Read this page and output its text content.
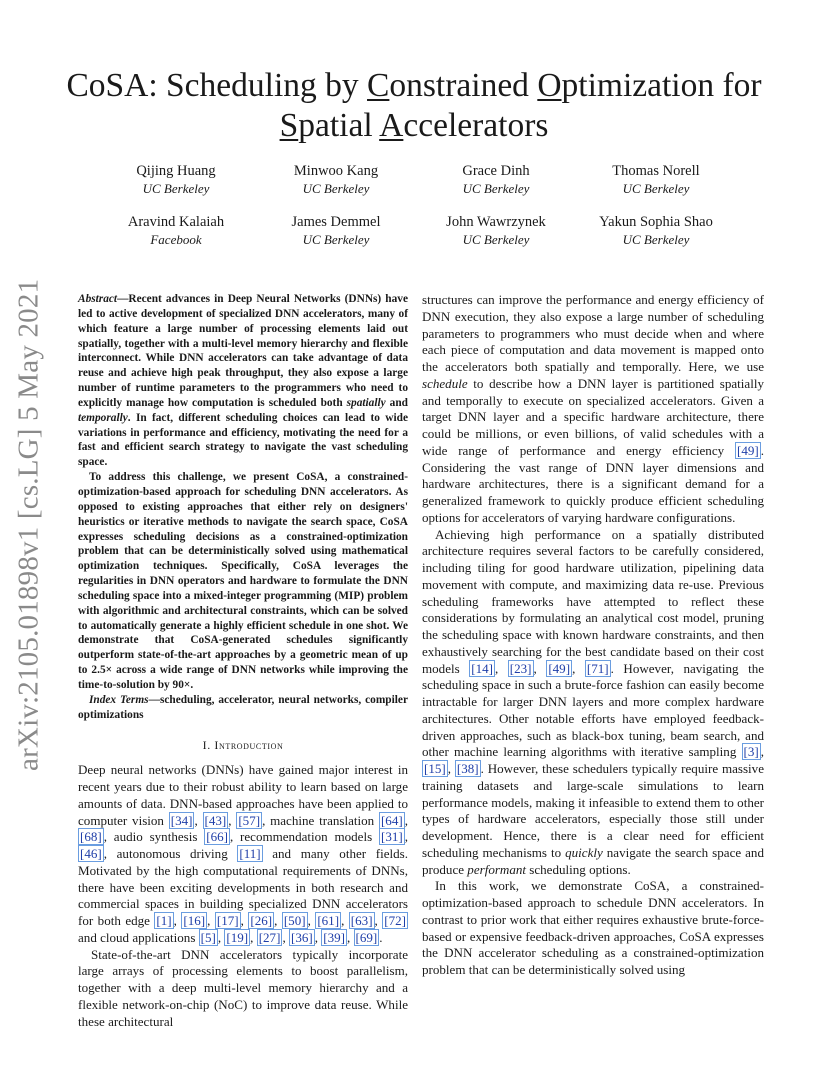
arXiv:2105.01898v1 [cs.LG] 5 May 2021
CoSA: Scheduling by Constrained Optimization for
Spatial Accelerators
Qijing Huang
UC Berkeley
Minwoo Kang
UC Berkeley
Grace Dinh
UC Berkeley
Thomas Norell
UC Berkeley
Aravind Kalaiah
Facebook
James Demmel
UC Berkeley
John Wawrzynek
UC Berkeley
Yakun Sophia Shao
UC Berkeley

Abstract—Recent advances in Deep Neural Networks (DNNs) have led to active development of specialized DNN accelerators, many of which feature a large number of processing elements laid out spatially, together with a multi-level memory hierarchy and flexible interconnect. While DNN accelerators can take advantage of data reuse and achieve high peak throughput, they also expose a large number of runtime parameters to the programmers who need to explicitly manage how computation is scheduled both spatially and temporally. In fact, different scheduling choices can lead to wide variations in performance and efficiency, motivating the need for a fast and efficient search strategy to navigate the vast scheduling space.

To address this challenge, we present CoSA, a constrained-optimization-based approach for scheduling DNN accelerators. As opposed to existing approaches that either rely on designers' heuristics or iterative methods to navigate the search space, CoSA expresses scheduling decisions as a constrained-optimization problem that can be deterministically solved using mathematical optimization techniques. Specifically, CoSA leverages the regularities in DNN operators and hardware to formulate the DNN scheduling space into a mixed-integer programming (MIP) problem with algorithmic and architectural constraints, which can be solved to automatically generate a highly efficient schedule in one shot. We demonstrate that CoSA-generated schedules significantly outperform state-of-the-art approaches by a geometric mean of up to 2.5× across a wide range of DNN networks while improving the time-to-solution by 90×.

Index Terms—scheduling, accelerator, neural networks, compiler optimizations
I. Introduction

Deep neural networks (DNNs) have gained major interest in recent years due to their robust ability to learn based on large amounts of data. DNN-based approaches have been applied to computer vision [34] , [43] , [57] , machine translation [64] , [68] , audio synthesis [66] , recommendation models [31] , [46] , autonomous driving [11] and many other fields. Motivated by the high computational requirements of DNNs, there have been exciting developments in both research and commercial spaces in building specialized DNN accelerators for both edge [1] , [16] , [17] , [26] , [50] , [61] , [63] , [72] and cloud applications [5] , [19] , [27] , [36] , [39] , [69] .

State-of-the-art DNN accelerators typically incorporate large arrays of processing elements to boost parallelism, together with a deep multi-level memory hierarchy and a flexible network-on-chip (NoC) to improve data reuse. While these architectural

structures can improve the performance and energy efficiency of DNN execution, they also expose a large number of scheduling parameters to programmers who must decide when and where each piece of computation and data movement is mapped onto the accelerators both spatially and temporally. Here, we use schedule to describe how a DNN layer is partitioned spatially and temporally to execute on specialized accelerators. Given a target DNN layer and a specific hardware architecture, there could be millions, or even billions, of valid schedules with a wide range of performance and energy efficiency [49] . Considering the vast range of DNN layer dimensions and hardware architectures, there is a significant demand for a generalized framework to quickly produce efficient scheduling options for accelerators of varying hardware configurations.

Achieving high performance on a spatially distributed architecture requires several factors to be carefully considered, including tiling for good hardware utilization, pipelining data movement with compute, and maximizing data re-use. Previous scheduling frameworks have attempted to reflect these considerations by formulating an analytical cost model, pruning the scheduling space with known hardware constraints, and then exhaustively searching for the best candidate based on their cost models [14] , [23] , [49] , [71] . However, navigating the scheduling space in such a brute-force fashion can easily become intractable for larger DNN layers and more complex hardware architectures. Other notable efforts have employed feedback-driven approaches, such as black-box tuning, beam search, and other machine learning algorithms with iterative sampling [3] , [15] , [38] . However, these schedulers typically require massive training datasets and large-scale simulations to learn performance models, making it infeasible to extend them to other types of hardware accelerators, especially those still under development. Hence, there is a clear need for efficient scheduling mechanisms to quickly navigate the search space and produce performant scheduling options.

In this work, we demonstrate CoSA, a constrained-optimization-based approach to schedule DNN accelerators. In contrast to prior work that either requires exhaustive brute-force-based or expensive feedback-driven approaches, CoSA expresses the DNN accelerator scheduling as a constrained-optimization problem that can be deterministically solved using
